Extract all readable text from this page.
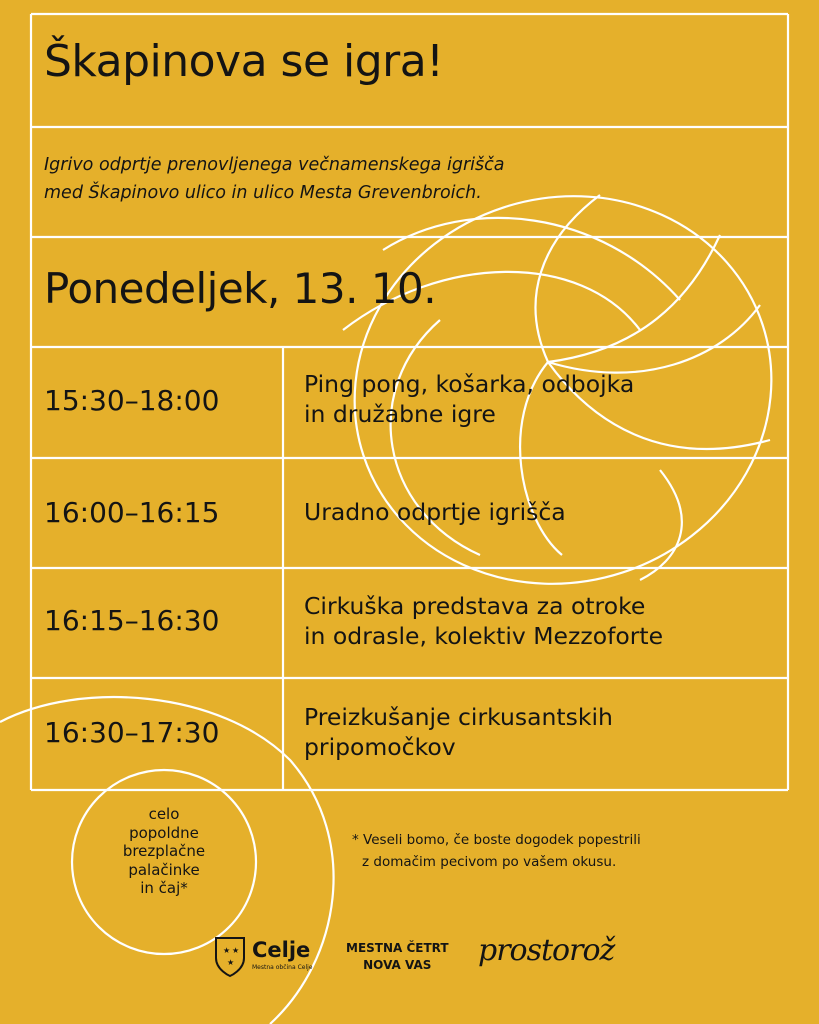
Škapinova se igra!
Igrivo odprtje prenovljenega večnamenskega igrišča
med Škapinovo ulico in ulico Mesta Grevenbroich.
Ponedeljek, 13. 10.
15:30–18:00	Ping pong, košarka, odbojka
in družabne igre
16:00–16:15	Uradno odprtje igrišča
16:15–16:30	Cirkuška predstava za otroke
in odrasle, kolektiv Mezzoforte
16:30–17:30	Preizkušanje cirkusantskih
pripomočkov
celo
popoldne
brezplačne
palačinke
in čaj*
* Veseli bomo, če boste dogodek popestrili
z domačim pecivom po vašem okusu.
★ ★
★
Celje
Mestna občina Celje
MESTNA ČETRT
NOVA VAS	prostorož
